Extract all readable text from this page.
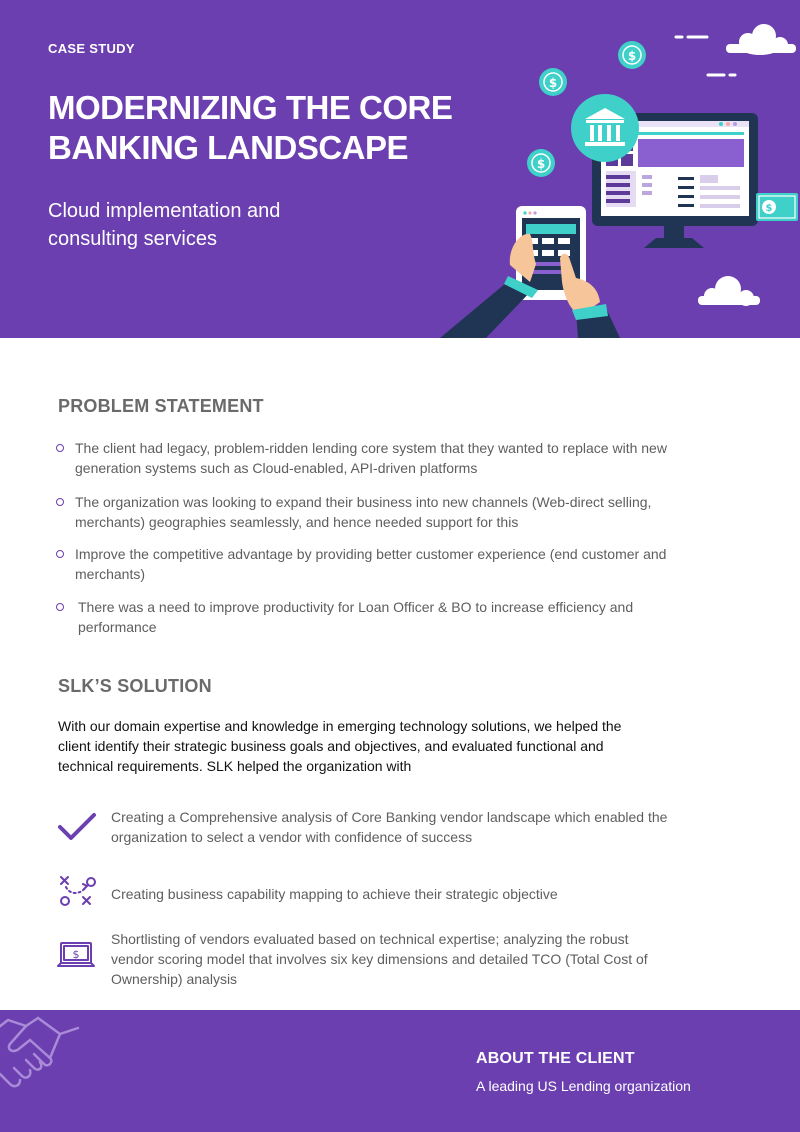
CASE STUDY
MODERNIZING THE CORE BANKING LANDSCAPE
Cloud implementation and consulting services
$
$
$
$
PROBLEM STATEMENT
The client had legacy, problem-ridden lending core system that they wanted to replace with new generation systems such as Cloud-enabled, API-driven platforms
The organization was looking to expand their business into new channels (Web-direct selling, merchants) geographies seamlessly, and hence needed support for this
Improve the competitive advantage by providing better customer experience (end customer and merchants)
There was a need to improve productivity for Loan Officer & BO to increase efficiency and performance
SLK’S SOLUTION
With our domain expertise and knowledge in emerging technology solutions, we helped the client identify their strategic business goals and objectives, and evaluated functional and technical requirements. SLK helped the organization with
Creating a Comprehensive analysis of Core Banking vendor landscape which enabled the organization to select a vendor with confidence of success
Creating business capability mapping to achieve their strategic objective
$
Shortlisting of vendors evaluated based on technical expertise; analyzing the robust vendor scoring model that involves six key dimensions and detailed TCO (Total Cost of Ownership) analysis
ABOUT THE CLIENT
A leading US Lending organization
